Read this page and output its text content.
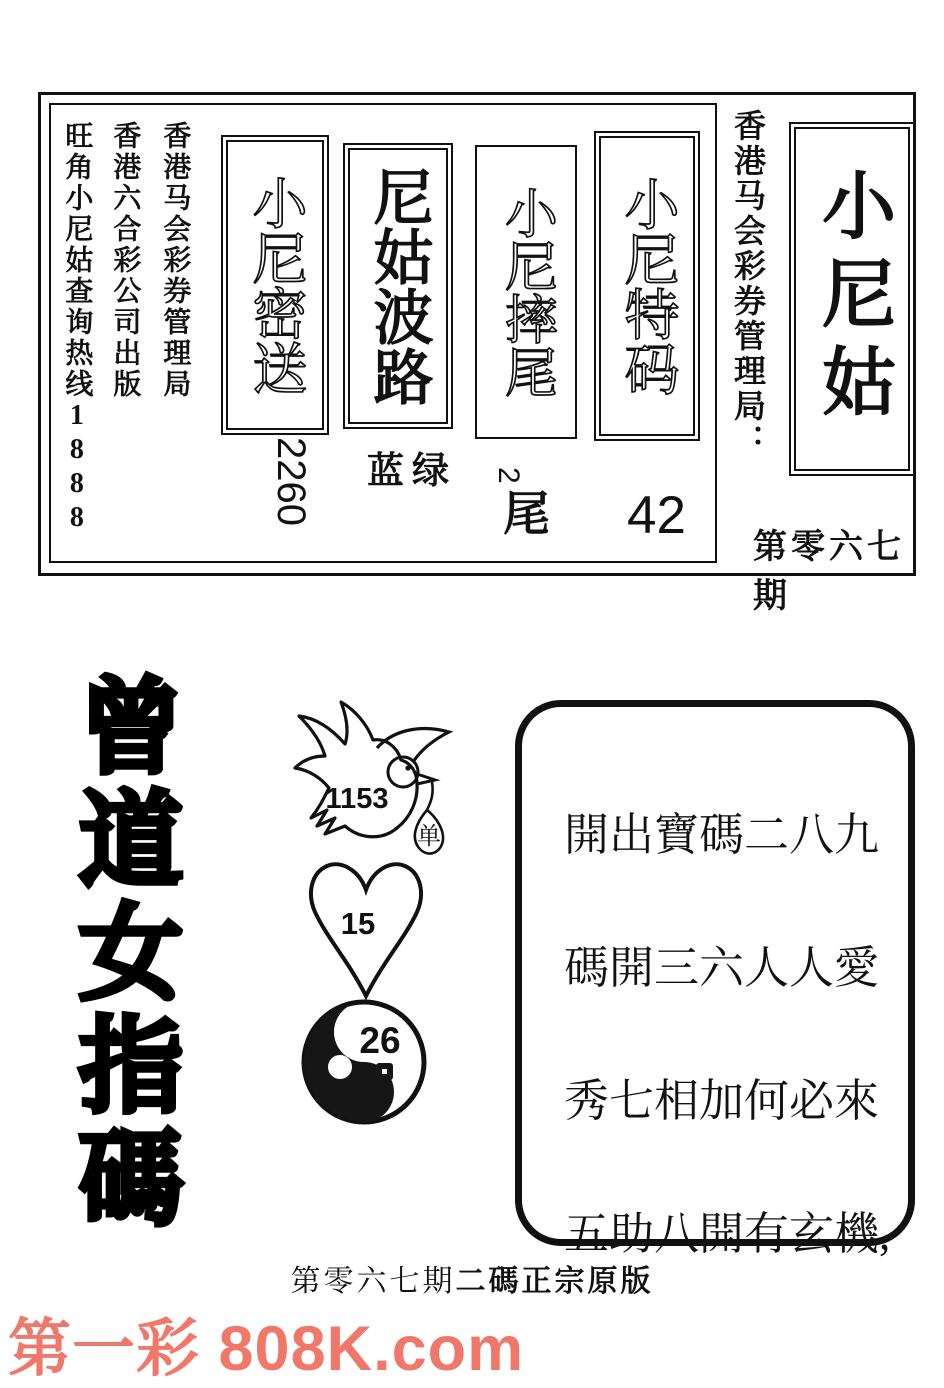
旺角小尼姑查询热线1888 香港六合彩公司出版 香港马会彩券管理局 小尼密送
2260
尼姑波路
蓝绿
小尼摔尾
2
尾
小尼特码
42
香港马会彩券管理局： 小尼姑
第零六七期
曾道女指碼	1153
单
15
26
開出寶碼二八九
碼開三六人人愛
秀七相加何必來
五助八開有玄機,
第零六七期二碼正宗原版
第一彩 808K.com
